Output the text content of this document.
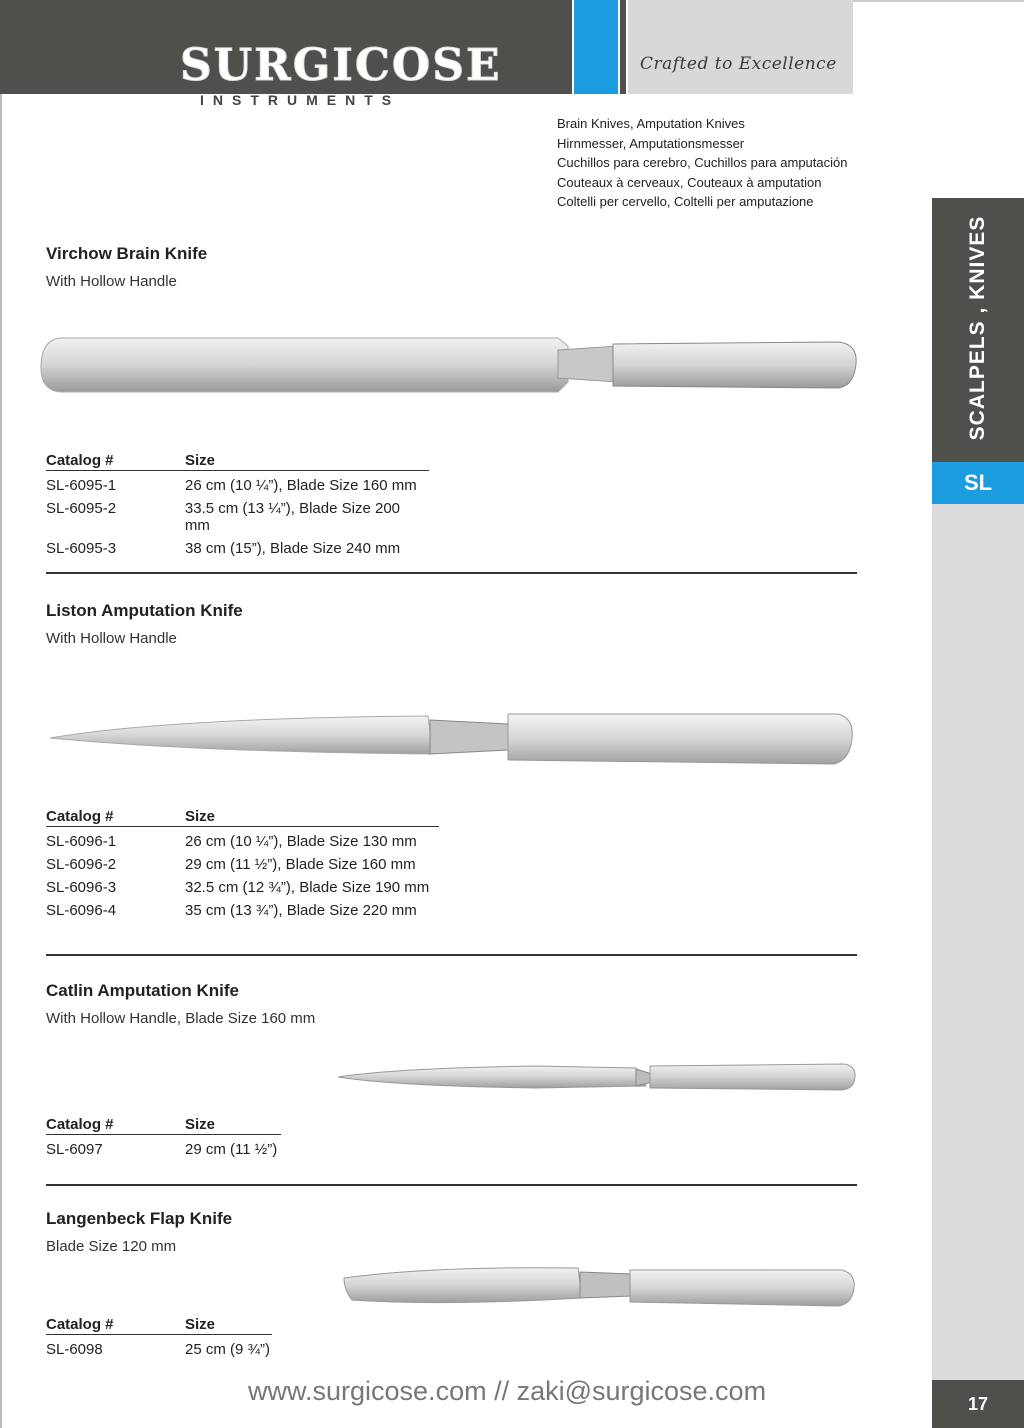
Crafted to Excellence
SURGICOSE
INSTRUMENTS
Brain Knives, Amputation Knives
Hirnmesser, Amputationsmesser
Cuchillos para cerebro, Cuchillos para amputación
Couteaux à cerveaux, Couteaux à amputation
Coltelli per cervello, Coltelli per amputazione
SCALPELS , KNIVES
SL
17
Virchow Brain Knife
With Hollow Handle
Catalog #	Size
SL-6095-1	26 cm (10 ¼”), Blade Size 160 mm
SL-6095-2	33.5 cm (13 ¼”), Blade Size 200 mm
SL-6095-3	38 cm (15”), Blade Size 240 mm
Liston Amputation Knife
With Hollow Handle
Catalog #	Size
SL-6096-1	26 cm (10 ¼”), Blade Size 130 mm
SL-6096-2	29 cm (11 ½”), Blade Size 160 mm
SL-6096-3	32.5 cm (12 ¾”), Blade Size 190 mm
SL-6096-4	35 cm (13 ¾”), Blade Size 220 mm
Catlin Amputation Knife
With Hollow Handle, Blade Size 160 mm
Catalog #	Size
SL-6097	29 cm (11 ½”)
Langenbeck Flap Knife
Blade Size 120 mm
Catalog #	Size
SL-6098	25 cm (9 ¾”)
www.surgicose.com // zaki@surgicose.com
